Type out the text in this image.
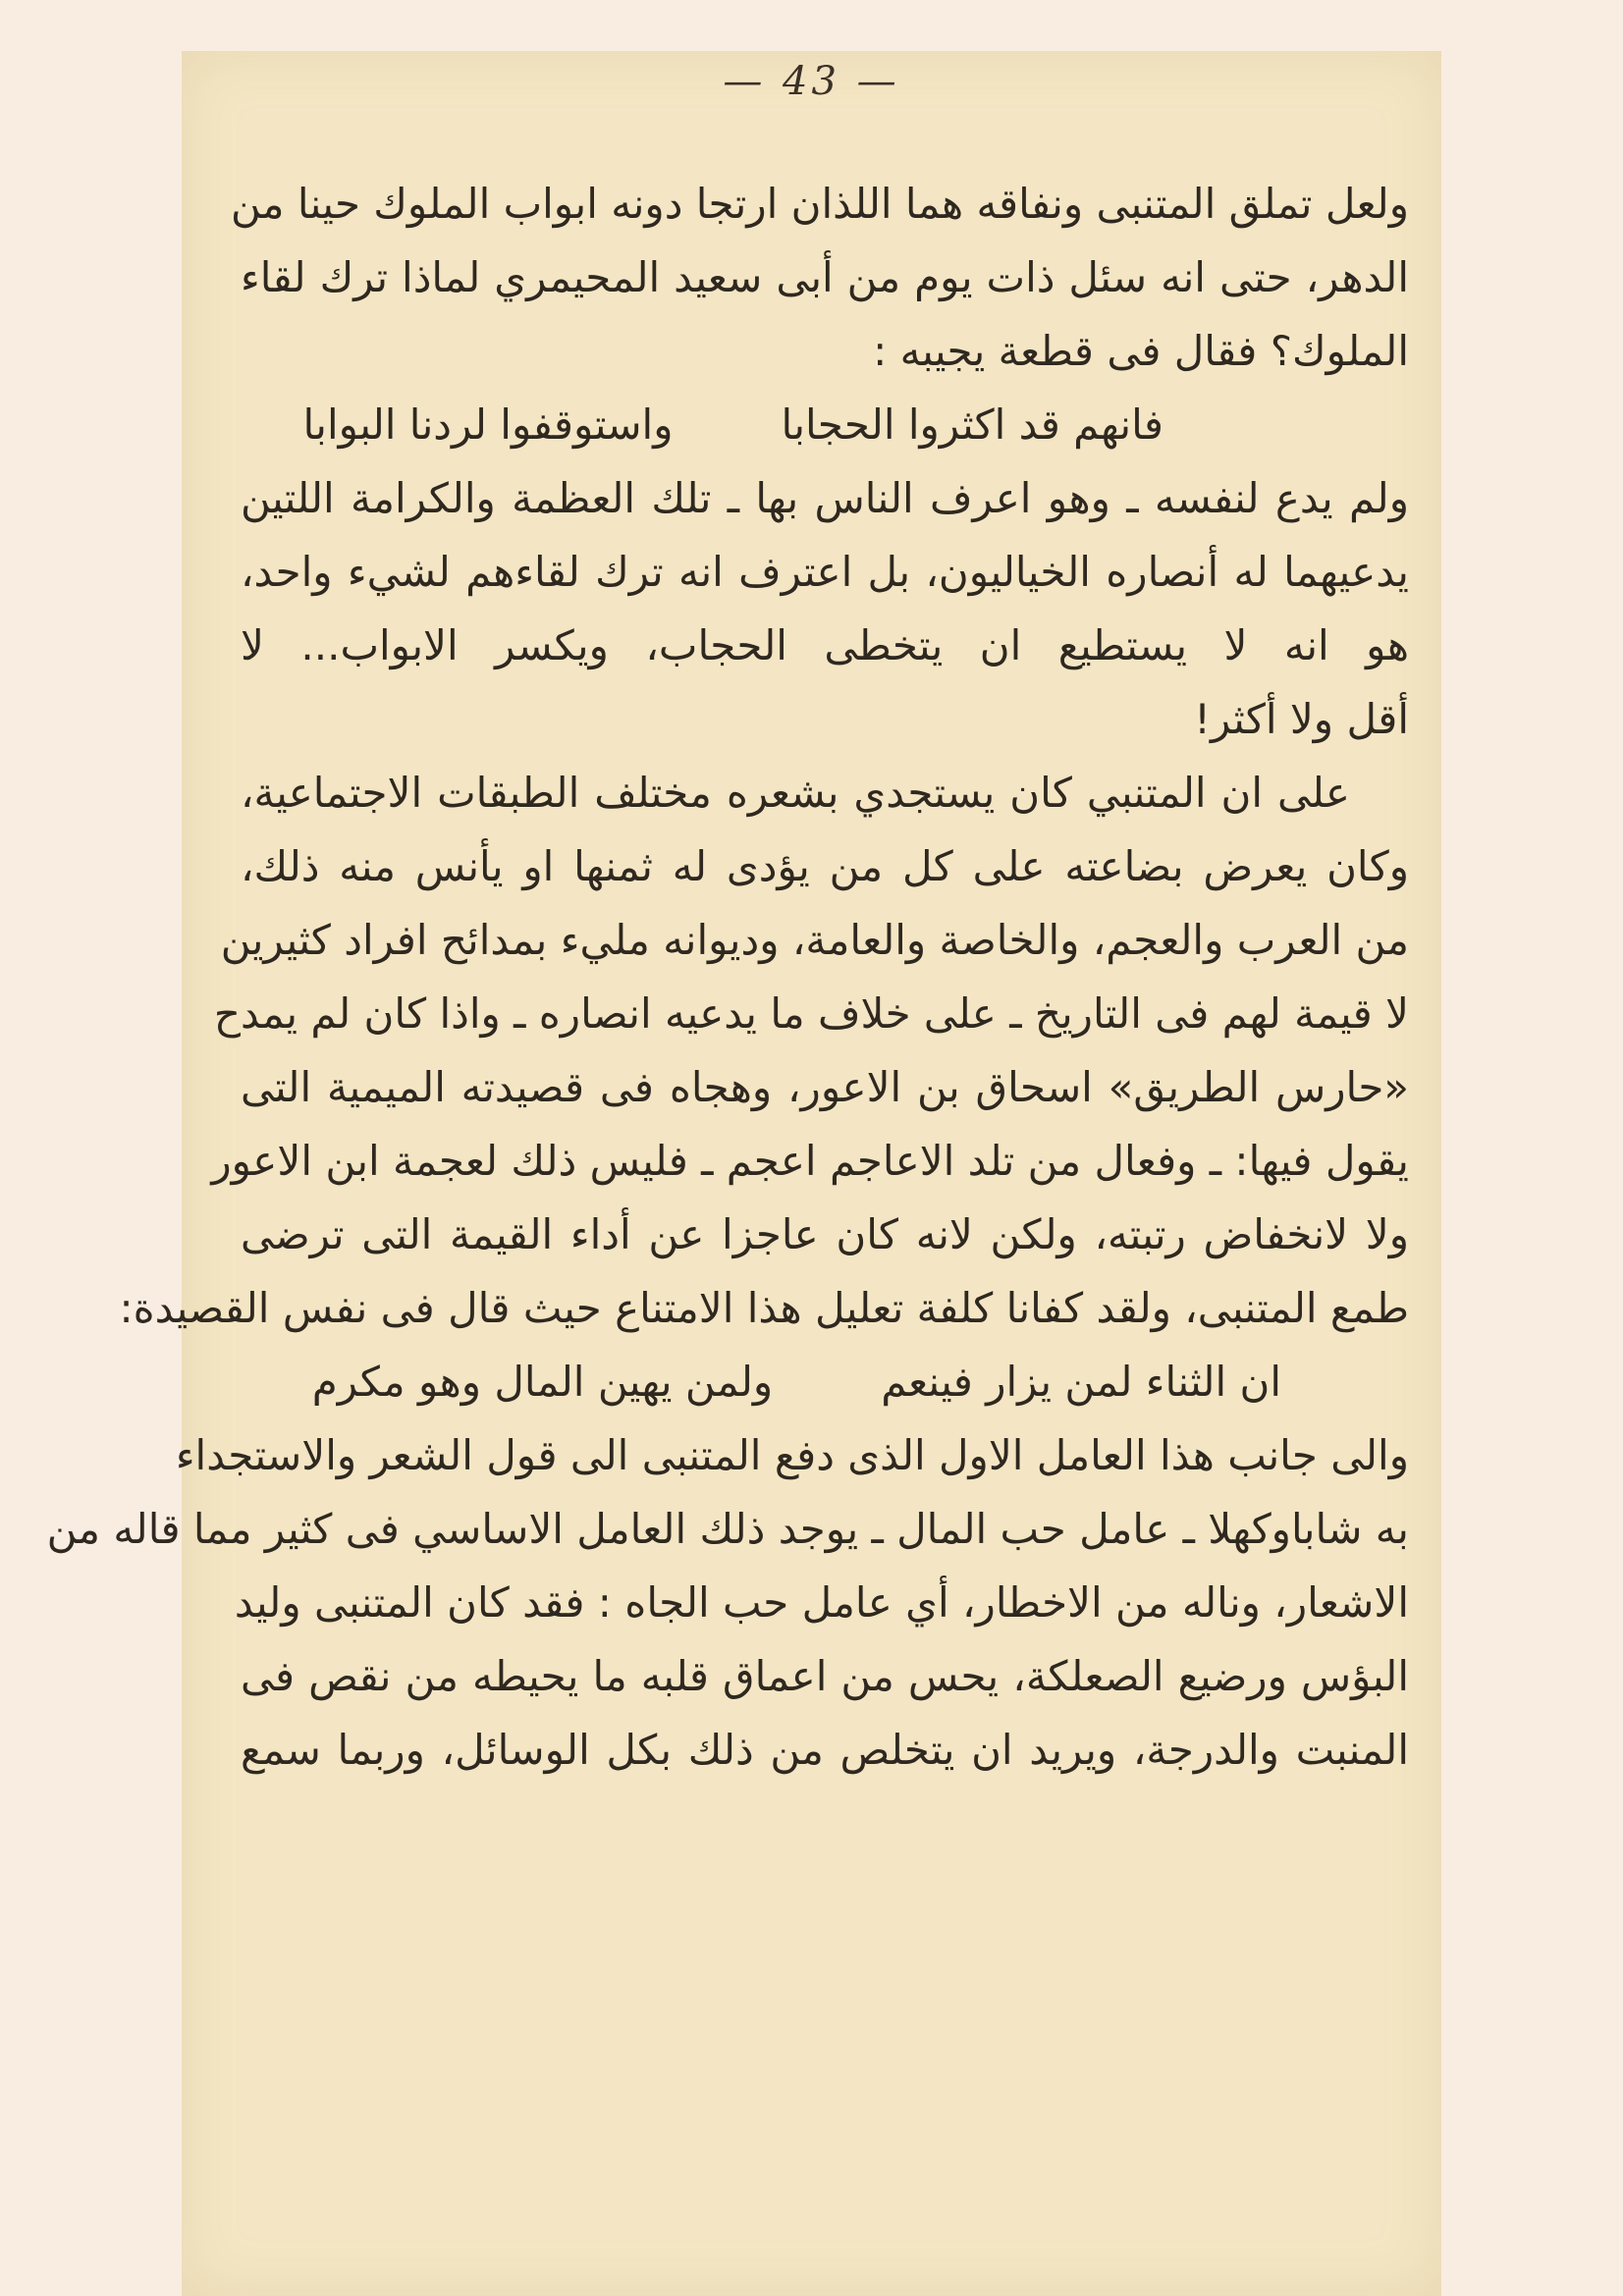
— 43 —
ولعل تملق المتنبى ونفاقه هما اللذان ارتجا دونه ابواب الملوك حينا من
الدهر، حتى انه سئل ذات يوم من أبى سعيد المحيمري لماذا ترك لقاء
الملوك؟ فقال فى قطعة يجيبه :
فانهم قد اكثروا الحجابا
واستوقفوا لردنا البوابا
ولم يدع لنفسه ـ وهو اعرف الناس بها ـ تلك العظمة والكرامة اللتين
يدعيهما له أنصاره الخياليون، بل اعترف انه ترك لقاءهم لشيء واحد،
هو انه لا يستطيع ان يتخطى الحجاب، ويكسر الابواب... لا
أقل ولا أكثر!
على ان المتنبي كان يستجدي بشعره مختلف الطبقات الاجتماعية،
وكان يعرض بضاعته على كل من يؤدى له ثمنها او يأنس منه ذلك،
من العرب والعجم، والخاصة والعامة، وديوانه مليء بمدائح افراد كثيرين
لا قيمة لهم فى التاريخ ـ على خلاف ما يدعيه انصاره ـ واذا كان لم يمدح
«حارس الطريق» اسحاق بن الاعور، وهجاه فى قصيدته الميمية التى
يقول فيها: ـ وفعال من تلد الاعاجم اعجم ـ فليس ذلك لعجمة ابن الاعور
ولا لانخفاض رتبته، ولكن لانه كان عاجزا عن أداء القيمة التى ترضى
طمع المتنبى، ولقد كفانا كلفة تعليل هذا الامتناع حيث قال فى نفس القصيدة:
ان الثناء لمن يزار فينعم
ولمن يهين المال وهو مكرم
والى جانب هذا العامل الاول الذى دفع المتنبى الى قول الشعر والاستجداء
به شاباوكهلا ـ عامل حب المال ـ يوجد ذلك العامل الاساسي فى كثير مما قاله من
الاشعار، وناله من الاخطار، أي عامل حب الجاه : فقد كان المتنبى وليد
البؤس ورضيع الصعلكة، يحس من اعماق قلبه ما يحيطه من نقص فى
المنبت والدرجة، ويريد ان يتخلص من ذلك بكل الوسائل، وربما سمع
